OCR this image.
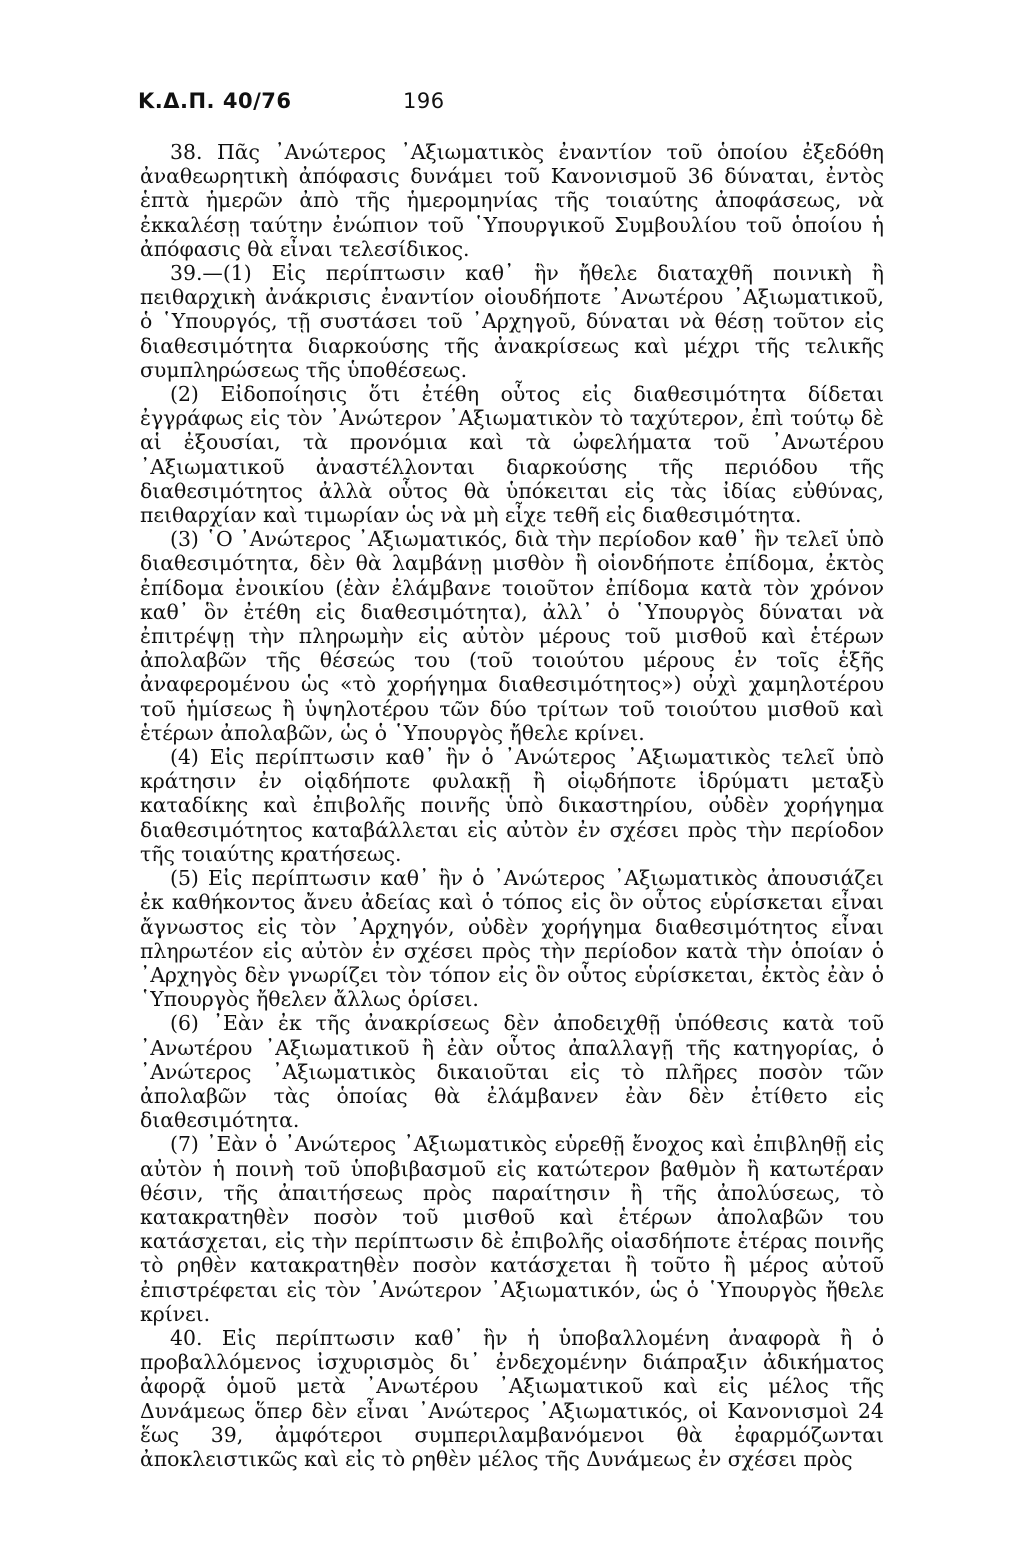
Κ.Δ.Π. 40/76	196

38. Πᾶς ᾿Ανώτερος ᾿Αξιωματικὸς ἐναντίον τοῦ ὁποίου ἐξεδόθη ἀναθεωρητικὴ ἀπόφασις δυνάμει τοῦ Κανονισμοῦ 36 δύναται, ἐντὸς ἑπτὰ ἡμερῶν ἀπὸ τῆς ἡμερομηνίας τῆς τοιαύτης ἀποφάσεως, νὰ ἐκκαλέσῃ ταύτην ἐνώπιον τοῦ ῾Υπουργικοῦ Συμβουλίου τοῦ ὁποίου ἡ ἀπόφασις θὰ εἶναι τελεσίδικος.

39.—(1) Εἰς περίπτωσιν καθ᾿ ἣν ἤθελε διαταχθῆ ποινικὴ ἢ πειθαρχικὴ ἀνάκρισις ἐναντίον οἱουδήποτε ᾿Ανωτέρου ᾿Αξιωματικοῦ, ὁ ῾Υπουργός, τῇ συστάσει τοῦ ᾿Αρχηγοῦ, δύναται νὰ θέσῃ τοῦτον εἰς διαθεσιμότητα διαρκούσης τῆς ἀνακρίσεως καὶ μέχρι τῆς τελικῆς συμπληρώσεως τῆς ὑποθέσεως.

(2) Εἰδοποίησις ὅτι ἐτέθη οὗτος εἰς διαθεσιμότητα δίδεται ἐγγράφως εἰς τὸν ᾿Ανώτερον ᾿Αξιωματικὸν τὸ ταχύτερον, ἐπὶ τούτῳ δὲ αἱ ἐξουσίαι, τὰ προνόμια καὶ τὰ ὠφελήματα τοῦ ᾿Ανωτέρου ᾿Αξιωματικοῦ ἀναστέλλονται διαρκούσης τῆς περιόδου τῆς διαθεσιμότητος ἀλλὰ οὗτος θὰ ὑπόκειται εἰς τὰς ἰδίας εὐθύνας, πειθαρχίαν καὶ τιμωρίαν ὡς νὰ μὴ εἶχε τεθῆ εἰς διαθεσιμότητα.

(3) ῾Ο ᾿Ανώτερος ᾿Αξιωματικός, διὰ τὴν περίοδον καθ᾿ ἣν τελεῖ ὑπὸ διαθεσιμότητα, δὲν θὰ λαμβάνῃ μισθὸν ἢ οἱονδήποτε ἐπίδομα, ἐκτὸς ἐπίδομα ἐνοικίου (ἐὰν ἐλάμβανε τοιοῦτον ἐπίδομα κατὰ τὸν χρόνον καθ᾿ ὃν ἐτέθη εἰς διαθεσιμότητα), ἀλλ᾿ ὁ ῾Υπουργὸς δύναται νὰ ἐπιτρέψῃ τὴν πληρωμὴν εἰς αὐτὸν μέρους τοῦ μισθοῦ καὶ ἑτέρων ἀπολαβῶν τῆς θέσεώς του (τοῦ τοιούτου μέρους ἐν τοῖς ἑξῆς ἀναφερομένου ὡς «τὸ χορήγημα διαθεσιμότητος») οὐχὶ χαμηλοτέρου τοῦ ἡμίσεως ἢ ὑψηλοτέρου τῶν δύο τρίτων τοῦ τοιούτου μισθοῦ καὶ ἑτέρων ἀπολαβῶν, ὡς ὁ ῾Υπουργὸς ἤθελε κρίνει.

(4) Εἰς περίπτωσιν καθ᾿ ἣν ὁ ᾿Ανώτερος ᾿Αξιωματικὸς τελεῖ ὑπὸ κράτησιν ἐν οἱᾳδήποτε φυλακῇ ἢ οἱῳδήποτε ἱδρύματι μεταξὺ καταδίκης καὶ ἐπιβολῆς ποινῆς ὑπὸ δικαστηρίου, οὐδὲν χορήγημα διαθεσιμότητος καταβάλλεται εἰς αὐτὸν ἐν σχέσει πρὸς τὴν περίοδον τῆς τοιαύτης κρατήσεως.

(5) Εἰς περίπτωσιν καθ᾿ ἣν ὁ ᾿Ανώτερος ᾿Αξιωματικὸς ἀπουσιάζει ἐκ καθήκοντος ἄνευ ἀδείας καὶ ὁ τόπος εἰς ὃν οὗτος εὑρίσκεται εἶναι ἄγνωστος εἰς τὸν ᾿Αρχηγόν, οὐδὲν χορήγημα διαθεσιμότητος εἶναι πληρωτέον εἰς αὐτὸν ἐν σχέσει πρὸς τὴν περίοδον κατὰ τὴν ὁποίαν ὁ ᾿Αρχηγὸς δὲν γνωρίζει τὸν τόπον εἰς ὃν οὗτος εὑρίσκεται, ἐκτὸς ἐὰν ὁ ῾Υπουργὸς ἤθελεν ἄλλως ὁρίσει.

(6) ᾿Εὰν ἐκ τῆς ἀνακρίσεως δὲν ἀποδειχθῇ ὑπόθεσις κατὰ τοῦ ᾿Ανωτέρου ᾿Αξιωματικοῦ ἢ ἐὰν οὗτος ἀπαλλαγῇ τῆς κατηγορίας, ὁ ᾿Ανώτερος ᾿Αξιωματικὸς δικαιοῦται εἰς τὸ πλῆρες ποσὸν τῶν ἀπολαβῶν τὰς ὁποίας θὰ ἐλάμβανεν ἐὰν δὲν ἐτίθετο εἰς διαθεσιμότητα.

(7) ᾿Εὰν ὁ ᾿Ανώτερος ᾿Αξιωματικὸς εὑρεθῇ ἔνοχος καὶ ἐπιβληθῇ εἰς αὐτὸν ἡ ποινὴ τοῦ ὑποβιβασμοῦ εἰς κατώτερον βαθμὸν ἢ κατωτέραν θέσιν, τῆς ἀπαιτήσεως πρὸς παραίτησιν ἢ τῆς ἀπολύσεως, τὸ κατακρατηθὲν ποσὸν τοῦ μισθοῦ καὶ ἑτέρων ἀπολαβῶν του κατάσχεται, εἰς τὴν περίπτωσιν δὲ ἐπιβολῆς οἱασδήποτε ἑτέρας ποινῆς τὸ ρηθὲν κατακρατηθὲν ποσὸν κατάσχεται ἢ τοῦτο ἢ μέρος αὐτοῦ ἐπιστρέφεται εἰς τὸν ᾿Ανώτερον ᾿Αξιωματικόν, ὡς ὁ ῾Υπουργὸς ἤθελε κρίνει.

40. Εἰς περίπτωσιν καθ᾿ ἣν ἡ ὑποβαλλομένη ἀναφορὰ ἢ ὁ προβαλλόμενος ἰσχυρισμὸς δι᾿ ἐνδεχομένην διάπραξιν ἀδικήματος ἀφορᾷ ὁμοῦ μετὰ ᾿Ανωτέρου ᾿Αξιωματικοῦ καὶ εἰς μέλος τῆς Δυνάμεως ὅπερ δὲν εἶναι ᾿Ανώτερος ᾿Αξιωματικός, οἱ Κανονισμοὶ 24 ἕως 39, ἀμφότεροι συμπεριλαμβανόμενοι θὰ ἐφαρμόζωνται ἀποκλειστικῶς καὶ εἰς τὸ ρηθὲν μέλος τῆς Δυνάμεως ἐν σχέσει πρὸς
